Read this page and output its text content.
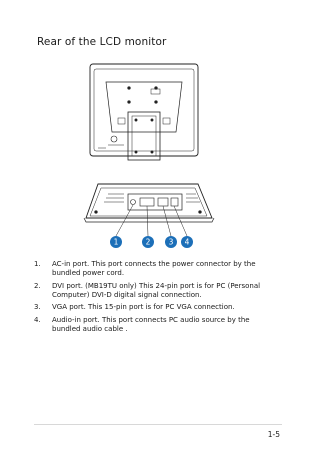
Rear of the LCD monitor
1	2 3 4
1. AC-in port. This port connects the power connector by the bundled power cord.
2. DVI port. (MB19TU only) This 24-pin port is for PC (Personal Computer) DVI-D digital signal connection.
3. VGA port. This 15-pin port is for PC VGA connection.
4. Audio-in port. This port connects PC audio source by the bundled audio cable .
1-5
